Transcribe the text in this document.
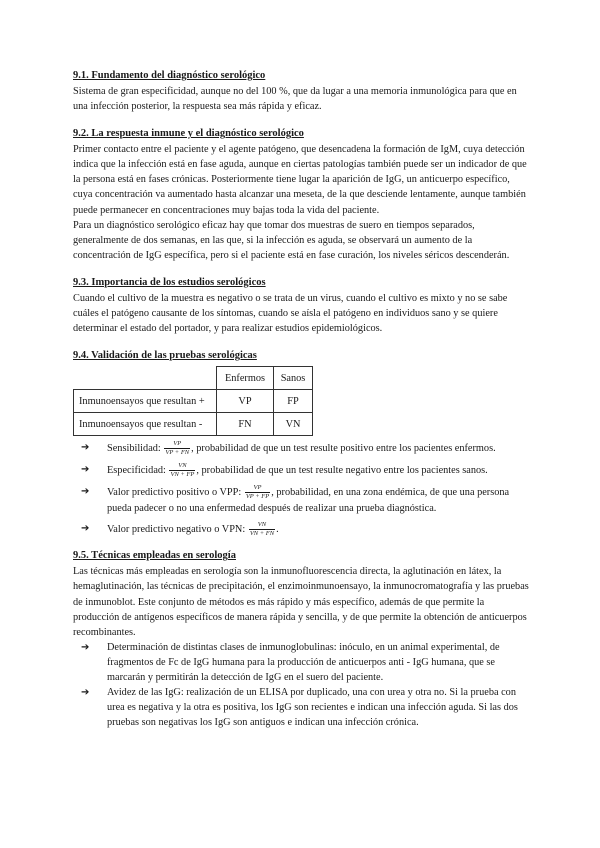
9.1. Fundamento del diagnóstico serológico

Sistema de gran especificidad, aunque no del 100 %, que da lugar a una memoria inmunológica para que en una infección posterior, la respuesta sea más rápida y eficaz.

9.2. La respuesta inmune y el diagnóstico serológico

Primer contacto entre el paciente y el agente patógeno, que desencadena la formación de IgM, cuya detección indica que la infección está en fase aguda, aunque en ciertas patologías también puede ser un indicador de que la persona está en fases crónicas. Posteriormente tiene lugar la aparición de IgG, un anticuerpo específico, cuya concentración va aumentado hasta alcanzar una meseta, de la que desciende lentamente, aunque también puede permanecer en concentraciones muy bajas toda la vida del paciente.

Para un diagnóstico serológico eficaz hay que tomar dos muestras de suero en tiempos separados, generalmente de dos semanas, en las que, si la infección es aguda, se observará un aumento de la concentración de IgG específica, pero si el paciente está en fase curación, los niveles séricos descenderán.

9.3. Importancia de los estudios serológicos

Cuando el cultivo de la muestra es negativo o se trata de un virus, cuando el cultivo es mixto y no se sabe cuáles el patógeno causante de los síntomas, cuando se aísla el patógeno en individuos sano y se quiere determinar el estado del portador, y para realizar estudios epidemiológicos.

9.4. Validación de las pruebas serológicas
	Enfermos	Sanos
Inmunoensayos que resultan +	VP	FP
Inmunoensayos que resultan -	FN	VN
➔ Sensibilidad: $\frac{VP}{VP + FN}$ , probabilidad de que un test resulte positivo entre los pacientes enfermos.
➔ Especificidad: $\frac{VN}{VN + FP}$ , probabilidad de que un test resulte negativo entre los pacientes sanos.
➔ Valor predictivo positivo o VPP: $\frac{VP}{VP + FP}$ , probabilidad, en una zona endémica, de que una persona pueda padecer o no una enfermedad después de realizar una prueba diagnóstica.
➔ Valor predictivo negativo o VPN: $\frac{VN}{VN + FN}$ .
9.5. Técnicas empleadas en serología

Las técnicas más empleadas en serología son la inmunofluorescencia directa, la aglutinación en látex, la hemaglutinación, las técnicas de precipitación, el enzimoinmunoensayo, la inmunocromatografía y las pruebas de inmunoblot. Este conjunto de métodos es más rápido y más específico, además de que permite la producción de antígenos específicos de manera rápida y sencilla, y de que permite la obtención de anticuerpos recombinantes.

➔ Determinación de distintas clases de inmunoglobulinas: inóculo, en un animal experimental, de fragmentos de Fc de IgG humana para la producción de anticuerpos anti - IgG humana, que se marcarán y permitirán la detección de IgG en el suero del paciente.
➔ Avidez de las IgG: realización de un ELISA por duplicado, una con urea y otra no. Si la prueba con urea es negativa y la otra es positiva, los IgG son recientes e indican una infección aguda. Si las dos pruebas son negativas los IgG son antiguos e indican una infección crónica.
